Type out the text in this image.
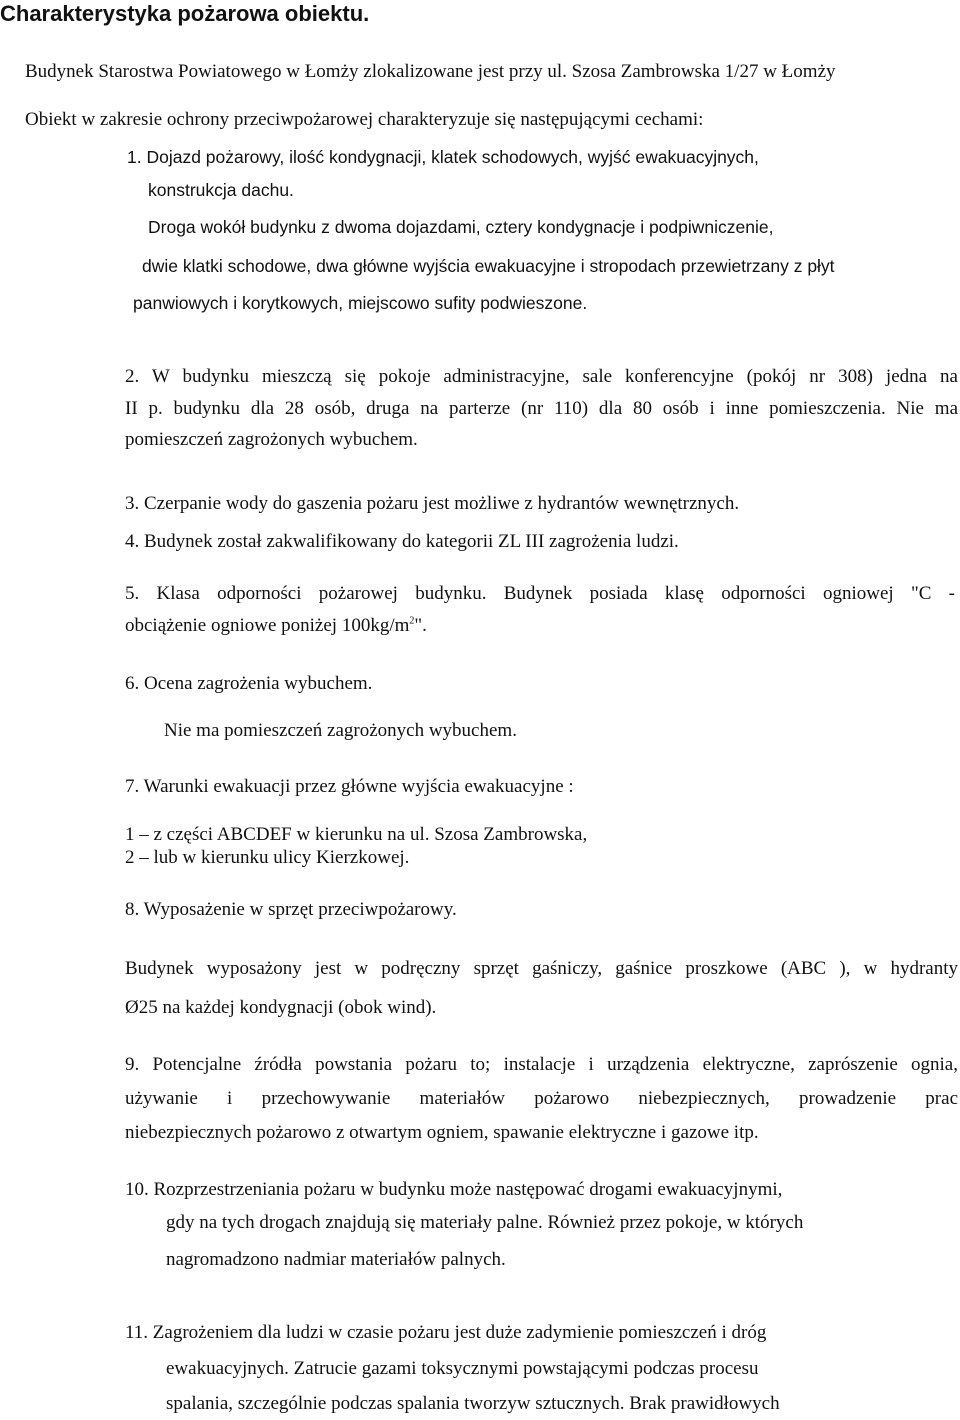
Charakterystyka pożarowa obiektu.
Budynek Starostwa Powiatowego w Łomży zlokalizowane jest przy ul. Szosa Zambrowska 1/27 w Łomży
Obiekt w zakresie ochrony przeciwpożarowej charakteryzuje się następującymi cechami:
1. Dojazd pożarowy, ilość kondygnacji, klatek schodowych, wyjść ewakuacyjnych,
konstrukcja dachu.
Droga wokół budynku z dwoma dojazdami, cztery kondygnacje i podpiwniczenie,
dwie klatki schodowe, dwa główne wyjścia ewakuacyjne i stropodach przewietrzany z płyt
panwiowych i korytkowych, miejscowo sufity podwieszone.
2. W budynku mieszczą się pokoje administracyjne, sale konferencyjne (pokój nr 308) jedna na
II p. budynku dla 28 osób, druga na parterze (nr 110) dla 80 osób i inne pomieszczenia. Nie ma
pomieszczeń zagrożonych wybuchem.
3. Czerpanie wody do gaszenia pożaru jest możliwe z hydrantów wewnętrznych.
4. Budynek został zakwalifikowany do kategorii ZL III zagrożenia ludzi.
5. Klasa odporności pożarowej budynku. Budynek posiada klasę odporności ogniowej "C -
obciążenie ogniowe poniżej $100kg/m^2$".
6. Ocena zagrożenia wybuchem.
Nie ma pomieszczeń zagrożonych wybuchem.
7. Warunki ewakuacji przez główne wyjścia ewakuacyjne :
1 – z części ABCDEF w kierunku na ul. Szosa Zambrowska,
2 – lub w kierunku ulicy Kierzkowej.
8. Wyposażenie w sprzęt przeciwpożarowy.
Budynek wyposażony jest w podręczny sprzęt gaśniczy, gaśnice proszkowe (ABC ), w hydranty
Ø25 na każdej kondygnacji (obok wind).
9. Potencjalne źródła powstania pożaru to; instalacje i urządzenia elektryczne, zaprószenie ognia,
używanie i przechowywanie materiałów pożarowo niebezpiecznych, prowadzenie prac
niebezpiecznych pożarowo z otwartym ogniem, spawanie elektryczne i gazowe itp.
10. Rozprzestrzeniania pożaru w budynku może następować drogami ewakuacyjnymi,
gdy na tych drogach znajdują się materiały palne. Również przez pokoje, w których
nagromadzono nadmiar materiałów palnych.
11. Zagrożeniem dla ludzi w czasie pożaru jest duże zadymienie pomieszczeń i dróg
ewakuacyjnych. Zatrucie gazami toksycznymi powstającymi podczas procesu
spalania, szczególnie podczas spalania tworzyw sztucznych. Brak prawidłowych
